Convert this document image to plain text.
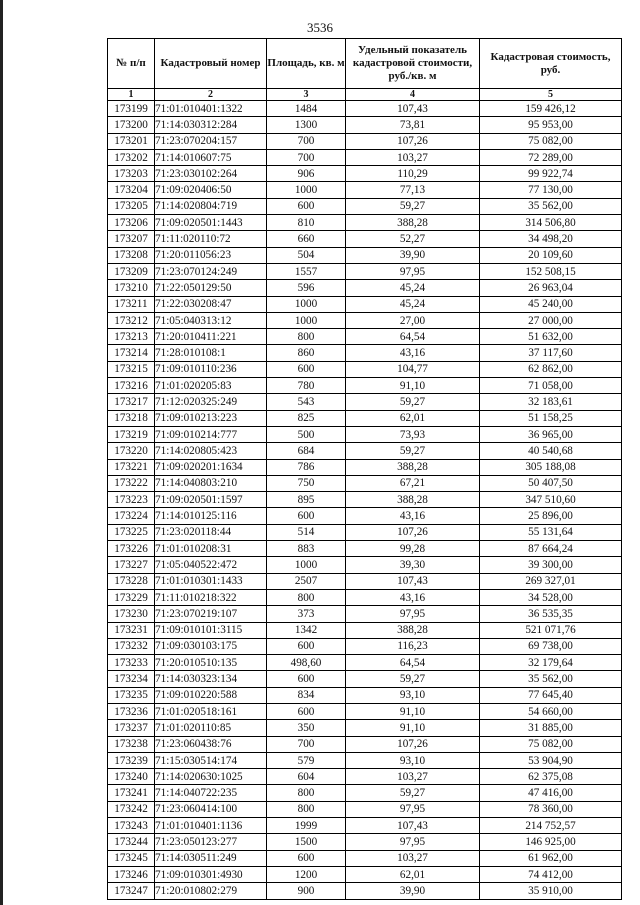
3536
№ п/п	Кадастровый номер	Площадь, кв. м	Удельный показатель кадастровой стоимости, руб./кв. м	Кадастровая стоимость, руб.
1	2	3	4	5
173199	71:01:010401:1322	1484	107,43	159 426,12
173200	71:14:030312:284	1300	73,81	95 953,00
173201	71:23:070204:157	700	107,26	75 082,00
173202	71:14:010607:75	700	103,27	72 289,00
173203	71:23:030102:264	906	110,29	99 922,74
173204	71:09:020406:50	1000	77,13	77 130,00
173205	71:14:020804:719	600	59,27	35 562,00
173206	71:09:020501:1443	810	388,28	314 506,80
173207	71:11:020110:72	660	52,27	34 498,20
173208	71:20:011056:23	504	39,90	20 109,60
173209	71:23:070124:249	1557	97,95	152 508,15
173210	71:22:050129:50	596	45,24	26 963,04
173211	71:22:030208:47	1000	45,24	45 240,00
173212	71:05:040313:12	1000	27,00	27 000,00
173213	71:20:010411:221	800	64,54	51 632,00
173214	71:28:010108:1	860	43,16	37 117,60
173215	71:09:010110:236	600	104,77	62 862,00
173216	71:01:020205:83	780	91,10	71 058,00
173217	71:12:020325:249	543	59,27	32 183,61
173218	71:09:010213:223	825	62,01	51 158,25
173219	71:09:010214:777	500	73,93	36 965,00
173220	71:14:020805:423	684	59,27	40 540,68
173221	71:09:020201:1634	786	388,28	305 188,08
173222	71:14:040803:210	750	67,21	50 407,50
173223	71:09:020501:1597	895	388,28	347 510,60
173224	71:14:010125:116	600	43,16	25 896,00
173225	71:23:020118:44	514	107,26	55 131,64
173226	71:01:010208:31	883	99,28	87 664,24
173227	71:05:040522:472	1000	39,30	39 300,00
173228	71:01:010301:1433	2507	107,43	269 327,01
173229	71:11:010218:322	800	43,16	34 528,00
173230	71:23:070219:107	373	97,95	36 535,35
173231	71:09:010101:3115	1342	388,28	521 071,76
173232	71:09:030103:175	600	116,23	69 738,00
173233	71:20:010510:135	498,60	64,54	32 179,64
173234	71:14:030323:134	600	59,27	35 562,00
173235	71:09:010220:588	834	93,10	77 645,40
173236	71:01:020518:161	600	91,10	54 660,00
173237	71:01:020110:85	350	91,10	31 885,00
173238	71:23:060438:76	700	107,26	75 082,00
173239	71:15:030514:174	579	93,10	53 904,90
173240	71:14:020630:1025	604	103,27	62 375,08
173241	71:14:040722:235	800	59,27	47 416,00
173242	71:23:060414:100	800	97,95	78 360,00
173243	71:01:010401:1136	1999	107,43	214 752,57
173244	71:23:050123:277	1500	97,95	146 925,00
173245	71:14:030511:249	600	103,27	61 962,00
173246	71:09:010301:4930	1200	62,01	74 412,00
173247	71:20:010802:279	900	39,90	35 910,00
